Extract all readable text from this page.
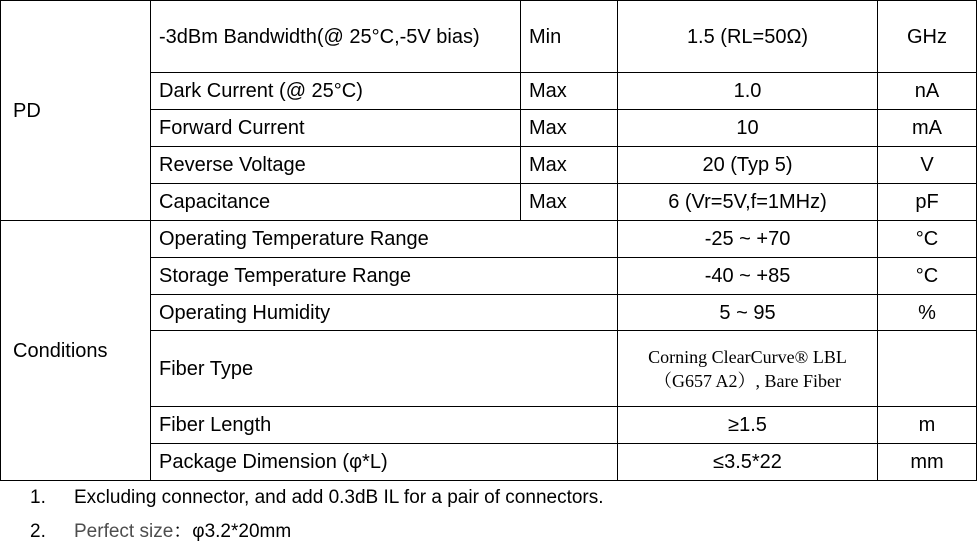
PD	-3dBm Bandwidth(@ 25°C,-5V bias)	Min	1.5 (RL=50Ω)	GHz
	Dark Current (@ 25°C)	Max	1.0	nA
	Forward Current	Max	10	mA
	Reverse Voltage	Max	20 (Typ 5)	V
	Capacitance	Max	6 (Vr=5V,f=1MHz)	pF
Conditions	Operating Temperature Range		-25 ~ +70	°C
	Storage Temperature Range		-40 ~ +85	°C
	Operating Humidity		5 ~ 95	%
	Fiber Type		Corning ClearCurve® LBL
（G657 A2）, Bare Fiber	

	Fiber Length		≥1.5	m
	Package Dimension (φ*L)		≤3.5*22	mm
1.	Excluding connector, and add 0.3dB IL for a pair of connectors.
2.	Perfect size ：φ3.2*20mm
